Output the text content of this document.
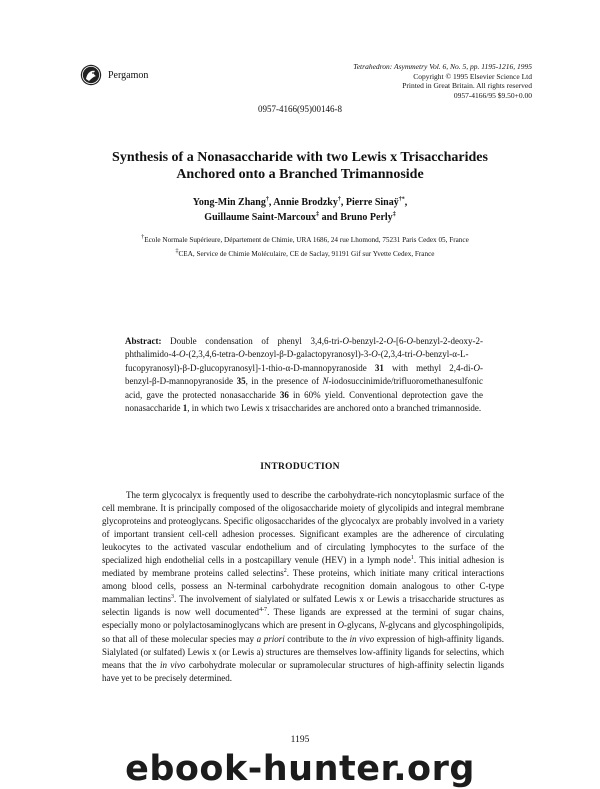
Pergamon
Tetrahedron: Asymmetry Vol. 6, No. 5, pp. 1195-1216, 1995
Copyright © 1995 Elsevier Science Ltd
Printed in Great Britain. All rights reserved
0957-4166/95 $9.50+0.00
0957-4166(95)00146-8
Synthesis of a Nonasaccharide with two Lewis x Trisaccharides
Anchored onto a Branched Trimannoside
Yong-Min Zhang†, Annie Brodzky†, Pierre Sinaÿ†*,
Guillaume Saint-Marcoux‡ and Bruno Perly‡
†Ecole Normale Supérieure, Département de Chimie, URA 1686, 24 rue Lhomond, 75231 Paris Cedex 05, France
‡CEA, Service de Chimie Moléculaire, CE de Saclay, 91191 Gif sur Yvette Cedex, France
Abstract: Double condensation of phenyl 3,4,6-tri-O-benzyl-2-O-[6-O-benzyl-2-deoxy-2-phthalimido-4-O-(2,3,4,6-tetra-O-benzoyl-β-D-galactopyranosyl)-3-O-(2,3,4-tri-O-benzyl-α-L-fucopyranosyl)-β-D-glucopyranosyl]-1-thio-α-D-mannopyranoside 31 with methyl 2,4-di-O-benzyl-β-D-mannopyranoside 35, in the presence of N-iodosuccinimide/trifluoromethanesulfonic acid, gave the protected nonasaccharide 36 in 60% yield. Conventional deprotection gave the nonasaccharide 1, in which two Lewis x trisaccharides are anchored onto a branched trimannoside.
INTRODUCTION
The term glycocalyx is frequently used to describe the carbohydrate-rich noncytoplasmic surface of the cell membrane. It is principally composed of the oligosaccharide moiety of glycolipids and integral membrane glycoproteins and proteoglycans. Specific oligosaccharides of the glycocalyx are probably involved in a variety of important transient cell-cell adhesion processes. Significant examples are the adherence of circulating leukocytes to the activated vascular endothelium and of circulating lymphocytes to the surface of the specialized high endothelial cells in a postcapillary venule (HEV) in a lymph node$^1$. This initial adhesion is mediated by membrane proteins called selectins$^2$. These proteins, which initiate many critical interactions among blood cells, possess an N-terminal carbohydrate recognition domain analogous to other C-type mammalian lectins$^3$. The involvement of sialylated or sulfated Lewis x or Lewis a trisaccharide structures as selectin ligands is now well documented$^{4-7}$. These ligands are expressed at the termini of sugar chains, especially mono or polylactosaminoglycans which are present in O-glycans, N-glycans and glycosphingolipids, so that all of these molecular species may a priori contribute to the in vivo expression of high-affinity ligands. Sialylated (or sulfated) Lewis x (or Lewis a) structures are themselves low-affinity ligands for selectins, which means that the in vivo carbohydrate molecular or supramolecular structures of high-affinity selectin ligands have yet to be precisely determined.
1195
ebook-hunter.org
